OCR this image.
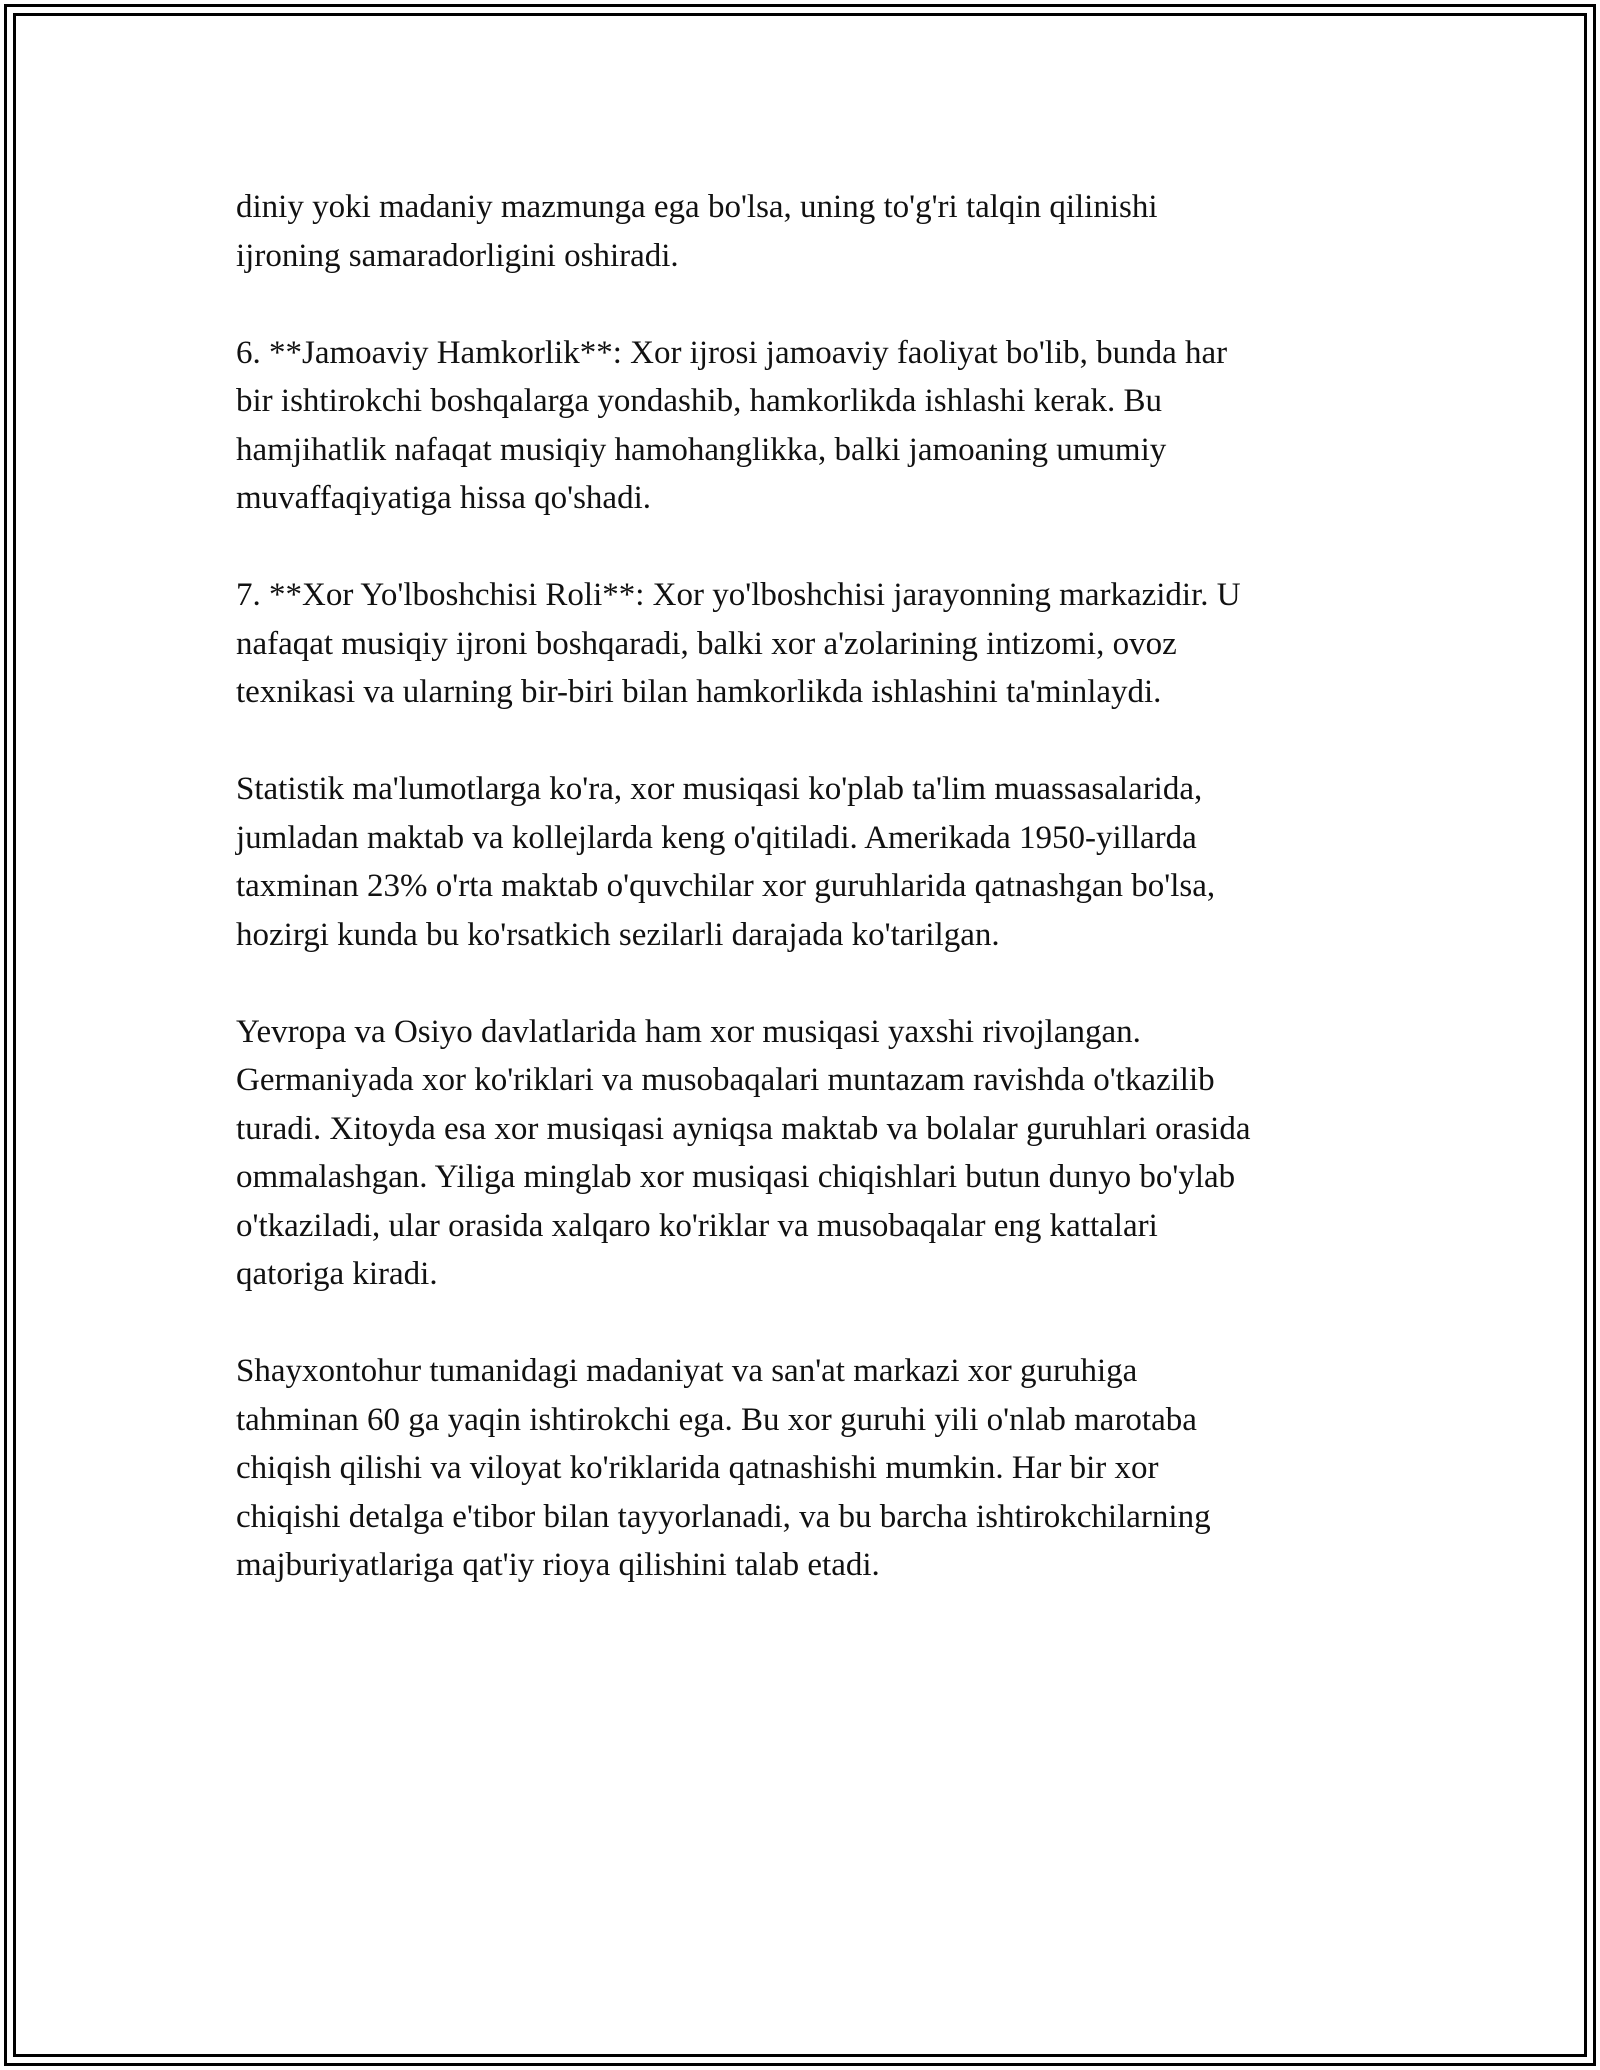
diniy yoki madaniy mazmunga ega bo'lsa, uning to'g'ri talqin qilinishi
ijroning samaradorligini oshiradi.

6. **Jamoaviy Hamkorlik**: Xor ijrosi jamoaviy faoliyat bo'lib, bunda har
bir ishtirokchi boshqalarga yondashib, hamkorlikda ishlashi kerak. Bu
hamjihatlik nafaqat musiqiy hamohanglikka, balki jamoaning umumiy
muvaffaqiyatiga hissa qo'shadi.

7. **Xor Yo'lboshchisi Roli**: Xor yo'lboshchisi jarayonning markazidir. U
nafaqat musiqiy ijroni boshqaradi, balki xor a'zolarining intizomi, ovoz
texnikasi va ularning bir-biri bilan hamkorlikda ishlashini ta'minlaydi.

Statistik ma'lumotlarga ko'ra, xor musiqasi ko'plab ta'lim muassasalarida,
jumladan maktab va kollejlarda keng o'qitiladi. Amerikada 1950-yillarda
taxminan 23% o'rta maktab o'quvchilar xor guruhlarida qatnashgan bo'lsa,
hozirgi kunda bu ko'rsatkich sezilarli darajada ko'tarilgan.

Yevropa va Osiyo davlatlarida ham xor musiqasi yaxshi rivojlangan.
Germaniyada xor ko'riklari va musobaqalari muntazam ravishda o'tkazilib
turadi. Xitoyda esa xor musiqasi ayniqsa maktab va bolalar guruhlari orasida
ommalashgan. Yiliga minglab xor musiqasi chiqishlari butun dunyo bo'ylab
o'tkaziladi, ular orasida xalqaro ko'riklar va musobaqalar eng kattalari
qatoriga kiradi.

Shayxontohur tumanidagi madaniyat va san'at markazi xor guruhiga
tahminan 60 ga yaqin ishtirokchi ega. Bu xor guruhi yili o'nlab marotaba
chiqish qilishi va viloyat ko'riklarida qatnashishi mumkin. Har bir xor
chiqishi detalga e'tibor bilan tayyorlanadi, va bu barcha ishtirokchilarning
majburiyatlariga qat'iy rioya qilishini talab etadi.
